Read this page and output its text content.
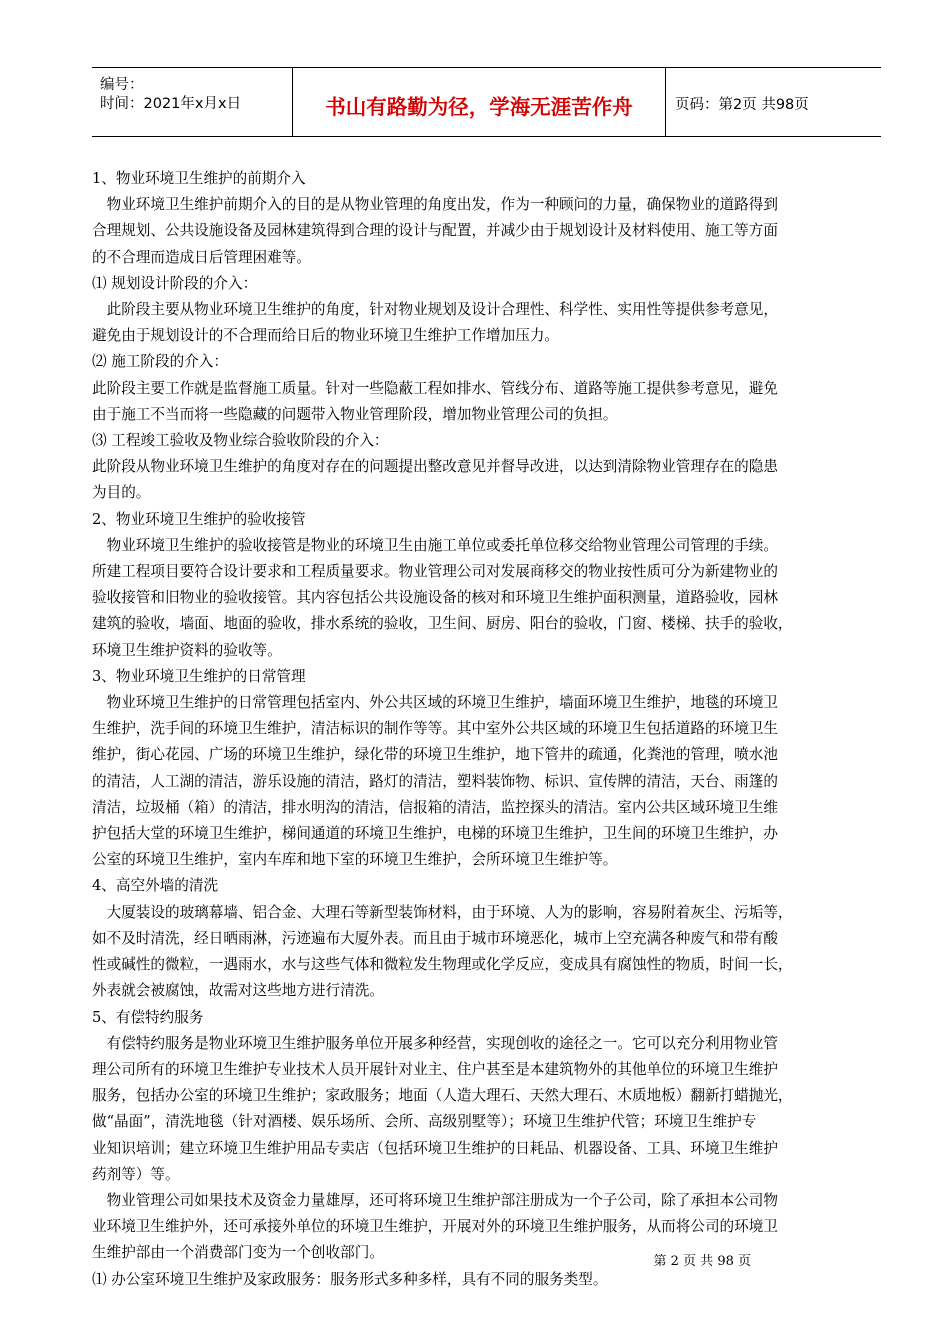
编号：
时间：2021年x月x日	书山有路勤为径，学海无涯苦作舟	页码：第2页 共98页

1、物业环境卫生维护的前期介入

　物业环境卫生维护前期介入的目的是从物业管理的角度出发，作为一种顾问的力量，确保物业的道路得到

合理规划、公共设施设备及园林建筑得到合理的设计与配置，并减少由于规划设计及材料使用、施工等方面

的不合理而造成日后管理困难等。

⑴ 规划设计阶段的介入：

　此阶段主要从物业环境卫生维护的角度，针对物业规划及设计合理性、科学性、实用性等提供参考意见，

避免由于规划设计的不合理而给日后的物业环境卫生维护工作增加压力。

⑵ 施工阶段的介入：

此阶段主要工作就是监督施工质量。针对一些隐蔽工程如排水、管线分布、道路等施工提供参考意见，避免

由于施工不当而将一些隐藏的问题带入物业管理阶段，增加物业管理公司的负担。

⑶ 工程竣工验收及物业综合验收阶段的介入：

此阶段从物业环境卫生维护的角度对存在的问题提出整改意见并督导改进，以达到清除物业管理存在的隐患

为目的。

2、物业环境卫生维护的验收接管

　物业环境卫生维护的验收接管是物业的环境卫生由施工单位或委托单位移交给物业管理公司管理的手续。

所建工程项目要符合设计要求和工程质量要求。物业管理公司对发展商移交的物业按性质可分为新建物业的

验收接管和旧物业的验收接管。其内容包括公共设施设备的核对和环境卫生维护面积测量，道路验收，园林

建筑的验收，墙面、地面的验收，排水系统的验收，卫生间、厨房、阳台的验收，门窗、楼梯、扶手的验收，

环境卫生维护资料的验收等。

3、物业环境卫生维护的日常管理

　物业环境卫生维护的日常管理包括室内、外公共区域的环境卫生维护，墙面环境卫生维护，地毯的环境卫

生维护，洗手间的环境卫生维护，清洁标识的制作等等。其中室外公共区域的环境卫生包括道路的环境卫生

维护，街心花园、广场的环境卫生维护，绿化带的环境卫生维护，地下管井的疏通，化粪池的管理，喷水池

的清洁，人工湖的清洁，游乐设施的清洁，路灯的清洁，塑料装饰物、标识、宣传牌的清洁，天台、雨篷的

清洁，垃圾桶（箱）的清洁，排水明沟的清洁，信报箱的清洁，监控探头的清洁。室内公共区域环境卫生维

护包括大堂的环境卫生维护，梯间通道的环境卫生维护，电梯的环境卫生维护，卫生间的环境卫生维护，办

公室的环境卫生维护，室内车库和地下室的环境卫生维护，会所环境卫生维护等。

4、高空外墙的清洗

　大厦装设的玻璃幕墙、铝合金、大理石等新型装饰材料，由于环境、人为的影响，容易附着灰尘、污垢等，

如不及时清洗，经日晒雨淋，污迹遍布大厦外表。而且由于城市环境恶化，城市上空充满各种废气和带有酸

性或碱性的微粒，一遇雨水，水与这些气体和微粒发生物理或化学反应，变成具有腐蚀性的物质，时间一长，

外表就会被腐蚀，故需对这些地方进行清洗。

5、有偿特约服务

　有偿特约服务是物业环境卫生维护服务单位开展多种经营，实现创收的途径之一。它可以充分利用物业管

理公司所有的环境卫生维护专业技术人员开展针对业主、住户甚至是本建筑物外的其他单位的环境卫生维护

服务，包括办公室的环境卫生维护；家政服务；地面（人造大理石、天然大理石、木质地板）翻新打蜡抛光，

做“晶面”，清洗地毯（针对酒楼、娱乐场所、会所、高级别墅等）；环境卫生维护代管；环境卫生维护专

业知识培训；建立环境卫生维护用品专卖店（包括环境卫生维护的日耗品、机器设备、工具、环境卫生维护

药剂等）等。

　物业管理公司如果技术及资金力量雄厚，还可将环境卫生维护部注册成为一个子公司，除了承担本公司物

业环境卫生维护外，还可承接外单位的环境卫生维护，开展对外的环境卫生维护服务，从而将公司的环境卫

生维护部由一个消费部门变为一个创收部门。

⑴ 办公室环境卫生维护及家政服务：服务形式多种多样，具有不同的服务类型。

第 2 页 共 98 页
